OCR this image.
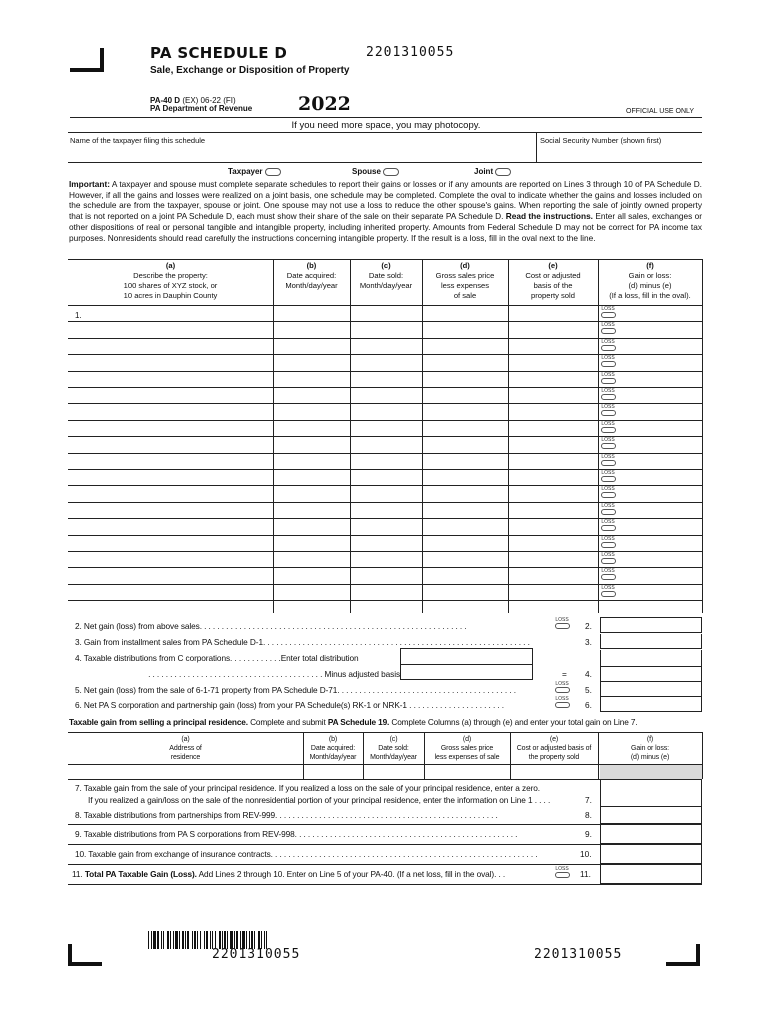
PA SCHEDULE D	2201310055
Sale, Exchange or Disposition of Property
PA-40 D (EX) 06-22 (FI)
PA Department of Revenue 2022	OFFICIAL USE ONLY
If you need more space, you may photocopy.
Name of the taxpayer filing this schedule	Social Security Number (shown first)
Taxpayer	Spouse	Joint
Important: A taxpayer and spouse must complete separate schedules to report their gains or losses or if any amounts are reported on Lines 3 through 10 of PA Schedule D. However, if all the gains and losses were realized on a joint basis, one schedule may be completed. Complete the oval to indicate whether the gains and losses included on the schedule are from the taxpayer, spouse or joint. One spouse may not use a loss to reduce the other spouse's gains. When reporting the sale of jointly owned property that is not reported on a joint PA Schedule D, each must show their share of the sale on their separate PA Schedule D. Read the instructions. Enter all sales, exchanges or other dispositions of real or personal tangible and intangible property, including inherited property. Amounts from Federal Schedule D may not be correct for PA income tax purposes. Nonresidents should read carefully the instructions concerning intangible property. If the result is a loss, fill in the oval next to the line.
(a)
Describe the property:
100 shares of XYZ stock, or
10 acres in Dauphin County
(b)
Date acquired:
Month/day/year
(c)
Date sold:
Month/day/year
(d)
Gross sales price
less expenses
of sale
(e)
Cost or adjusted
basis of the
property sold
(f)
Gain or loss:
(d) minus (e)
(If a loss, fill in the oval).
1.
LOSS
LOSS
LOSS
LOSS
LOSS
LOSS
LOSS
LOSS
LOSS
LOSS
LOSS
LOSS
LOSS
LOSS
LOSS
LOSS
LOSS
LOSS
2. Net gain (loss) from above sales. . . . . . . . . . . . . . . . . . . . . . . . . . . . . . . . . . . . . . . . . . . . . . . . . . . . . . . . . . . . .	2.
LOSS
3. Gain from installment sales from PA Schedule D-1. . . . . . . . . . . . . . . . . . . . . . . . . . . . . . . . . . . . . . . . . . . . . . . . . . . . . . . . . . . . .	3.
4. Taxable distributions from C corporations. . . . . . . . . . . .Enter total distribution
. . . . . . . . . . . . . . . . . . . . . . . . . . . . . . . . . . . . . . . . Minus adjusted basis	= 4.
5. Net gain (loss) from the sale of 6-1-71 property from PA Schedule D-71. . . . . . . . . . . . . . . . . . . . . . . . . . . . . . . . . . . . . . . . .	5.
LOSS
6. Net PA S corporation and partnership gain (loss) from your PA Schedule(s) RK-1 or NRK-1 . . . . . . . . . . . . . . . . . . . . . .	6.
LOSS
Taxable gain from selling a principal residence. Complete and submit PA Schedule 19. Complete Columns (a) through (e) and enter your total gain on Line 7.
(a)
Address of
residence
(b)
Date acquired:
Month/day/year
(c)
Date sold:
Month/day/year
(d)
Gross sales price
less expenses of sale
(e)
Cost or adjusted basis of
the property sold
(f)
Gain or loss:
(d) minus (e)
7. Taxable gain from the sale of your principal residence. If you realized a loss on the sale of your principal residence, enter a zero.
If you realized a gain/loss on the sale of the nonresidential portion of your principal residence, enter the information on Line 1 . . . .	7.
8. Taxable distributions from partnerships from REV-999. . . . . . . . . . . . . . . . . . . . . . . . . . . . . . . . . . . . . . . . . . . . . . . . . . .	8.
9. Taxable distributions from PA S corporations from REV-998. . . . . . . . . . . . . . . . . . . . . . . . . . . . . . . . . . . . . . . . . . . . . . . . . . .	9.
10. Taxable gain from exchange of insurance contracts. . . . . . . . . . . . . . . . . . . . . . . . . . . . . . . . . . . . . . . . . . . . . . . . . . . . . . . . . . . . .	10.
11. Total PA Taxable Gain (Loss). Add Lines 2 through 10. Enter on Line 5 of your PA-40. (If a net loss, fill in the oval). . .	LOSS	11.
2201310055	2201310055
